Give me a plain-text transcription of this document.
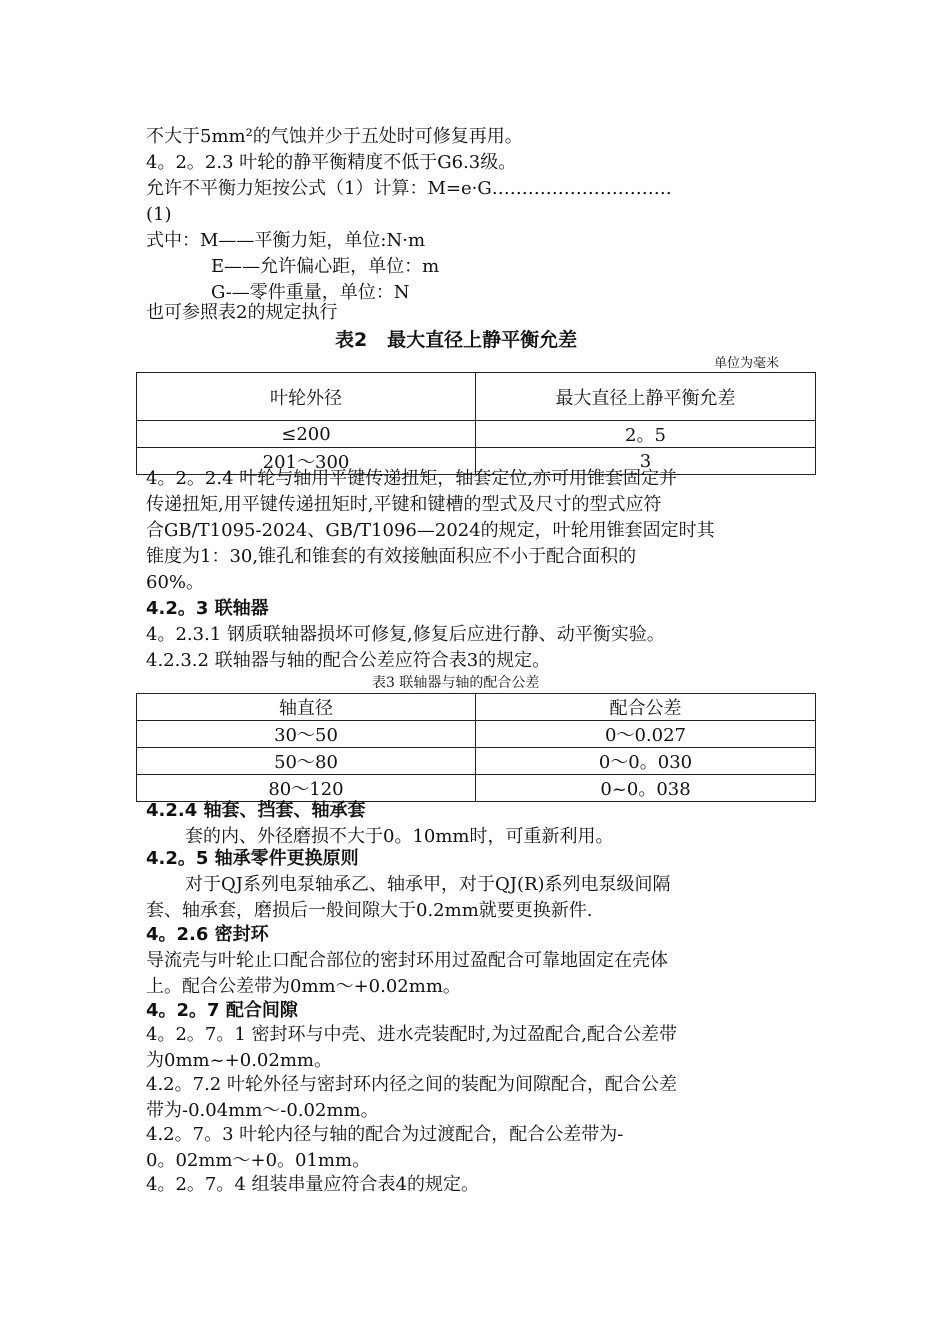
不大于5mm²的气蚀并少于五处时可修复再用。
4。2。2.3 叶轮的静平衡精度不低于G6.3级。
允许不平衡力矩按公式（1）计算：M=e·G…………………………
(1)
式中：M——平衡力矩，单位:N·m
E——允许偏心距，单位：m
G-—零件重量，单位：N
也可参照表2的规定执行
表2   最大直径上静平衡允差
单位为毫米
叶轮外径	最大直径上静平衡允差
≤200	2。5
201～300	3
4。2。2.4 叶轮与轴用平键传递扭矩，轴套定位,亦可用锥套固定并
传递扭矩,用平键传递扭矩时,平键和键槽的型式及尺寸的型式应符
合GB/T1095-2024、GB/T1096—2024的规定，叶轮用锥套固定时其
锥度为1：30,锥孔和锥套的有效接触面积应不小于配合面积的
60%。
4.2。3 联轴器
4。2.3.1 钢质联轴器损坏可修复,修复后应进行静、动平衡实验。
4.2.3.2 联轴器与轴的配合公差应符合表3的规定。
表3 联轴器与轴的配合公差
轴直径	配合公差
30～50	0～0.027
50～80	0～0。030
80～120	0~0。038
4.2.4 轴套、挡套、轴承套
套的内、外径磨损不大于0。10mm时，可重新利用。
4.2。5 轴承零件更换原则
对于QJ系列电泵轴承乙、轴承甲，对于QJ(R)系列电泵级间隔
套、轴承套，磨损后一般间隙大于0.2mm就要更换新件.
4。2.6 密封环
导流壳与叶轮止口配合部位的密封环用过盈配合可靠地固定在壳体
上。配合公差带为0mm～+0.02mm。
4。2。7 配合间隙
4。2。7。1 密封环与中壳、进水壳装配时,为过盈配合,配合公差带
为0mm~+0.02mm。
4.2。7.2 叶轮外径与密封环内径之间的装配为间隙配合，配合公差
带为-0.04mm～-0.02mm。
4.2。7。3 叶轮内径与轴的配合为过渡配合，配合公差带为-
0。02mm～+0。01mm。
4。2。7。4 组装串量应符合表4的规定。
